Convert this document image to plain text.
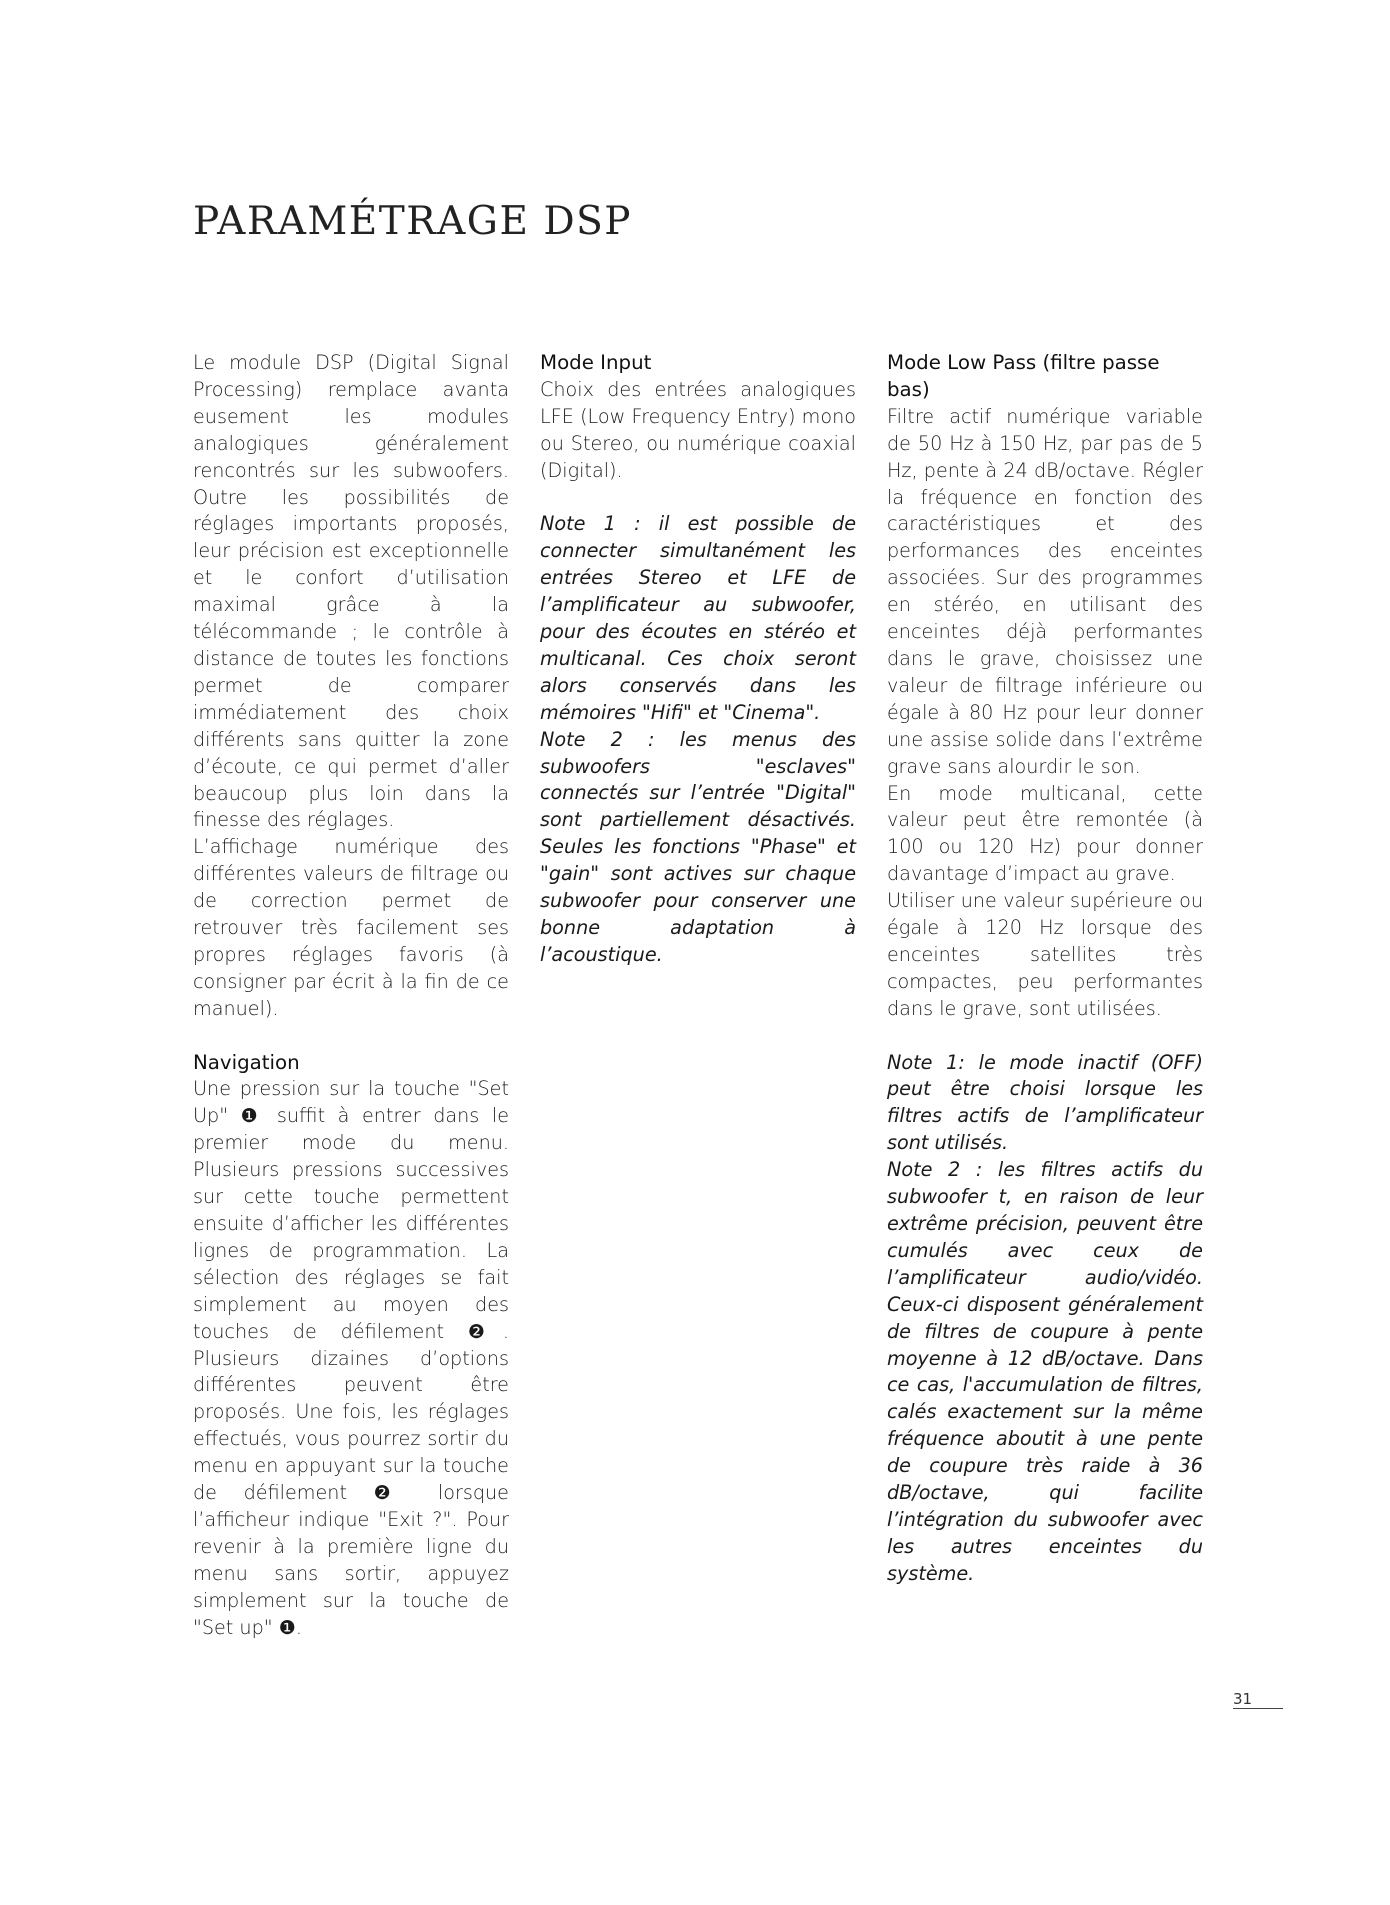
PARAMÉTRAGE DSP

Le module DSP (Digital Signal Processing) remplace avanta eusement les modules analogiques généralement rencontrés sur les subwoofers. Outre les possibilités de réglages importants proposés, leur précision est exceptionnelle et le confort d’utilisation maximal grâce à la télécommande ; le contrôle à distance de toutes les fonctions permet de comparer immédiatement des choix différents sans quitter la zone d’écoute, ce qui permet d’aller beaucoup plus loin dans la finesse des réglages.

L’affichage numérique des différentes valeurs de filtrage ou de correction permet de retrouver très facilement ses propres réglages favoris (à consigner par écrit à la fin de ce manuel).

Navigation

Une pression sur la touche "Set Up" ❶ suffit à entrer dans le premier mode du menu. Plusieurs pressions successives sur cette touche permettent ensuite d’afficher les différentes lignes de programmation. La sélection des réglages se fait simplement au moyen des touches de défilement ❷. Plusieurs dizaines d’options différentes peuvent être proposés. Une fois, les réglages effectués, vous pourrez sortir du menu en appuyant sur la touche de défilement ❷ lorsque l’afficheur indique "Exit ?". Pour revenir à la première ligne du menu sans sortir, appuyez simplement sur la touche de "Set up" ❶.

Mode Input

Choix des entrées analogiques LFE (Low Frequency Entry) mono ou Stereo, ou numérique coaxial (Digital).

Note 1 : il est possible de connecter simultanément les entrées Stereo et LFE de l’amplificateur au subwoofer, pour des écoutes en stéréo et multicanal. Ces choix seront alors conservés dans les mémoires "Hifi" et "Cinema".

Note 2 : les menus des subwoofers "esclaves" connectés sur l’entrée "Digital" sont partiellement désactivés. Seules les fonctions "Phase" et "gain" sont actives sur chaque subwoofer pour conserver une bonne adaptation à l’acoustique.

Mode Low Pass (filtre passe bas)

Filtre actif numérique variable de 50 Hz à 150 Hz, par pas de 5 Hz, pente à 24 dB/octave. Régler la fréquence en fonction des caractéristiques et des performances des enceintes associées. Sur des programmes en stéréo, en utilisant des enceintes déjà performantes dans le grave, choisissez une valeur de filtrage inférieure ou égale à 80 Hz pour leur donner une assise solide dans l’extrême grave sans alourdir le son.

En mode multicanal, cette valeur peut être remontée (à 100 ou 120 Hz) pour donner davantage d’impact au grave.

Utiliser une valeur supérieure ou égale à 120 Hz lorsque des enceintes satellites très compactes, peu performantes dans le grave, sont utilisées.

Note 1: le mode inactif (OFF) peut être choisi lorsque les filtres actifs de l’amplificateur sont utilisés.

Note 2 : les filtres actifs du subwoofer t, en raison de leur extrême précision, peuvent être cumulés avec ceux de l’amplificateur audio/vidéo. Ceux-ci disposent généralement de filtres de coupure à pente moyenne à 12 dB/octave. Dans ce cas, l'accumulation de filtres, calés exactement sur la même fréquence aboutit à une pente de coupure très raide à 36 dB/octave, qui facilite l’intégration du subwoofer avec les autres enceintes du système.

31
